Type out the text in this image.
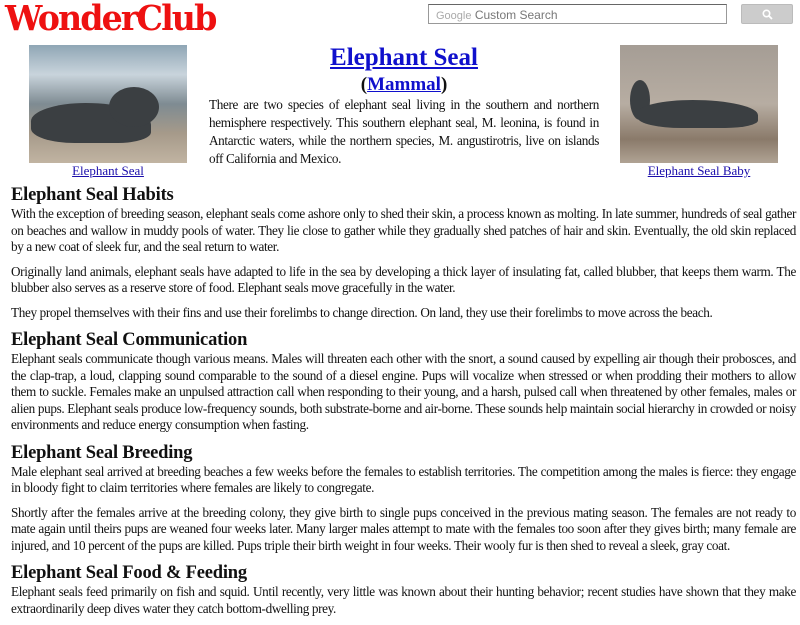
WonderClub	Google Custom Search
Elephant Seal	Elephant Seal Baby
Elephant Seal
(Mammal)
There are two species of elephant seal living in the southern and northern hemisphere respectively. This southern elephant seal, M. leonina, is found in Antarctic waters, while the northern species, M. angustirotris, live on islands off California and Mexico.
Elephant Seal Habits

With the exception of breeding season, elephant seals come ashore only to shed their skin, a process known as molting. In late summer, hundreds of seal gather on beaches and wallow in muddy pools of water. They lie close to gather while they gradually shed patches of hair and skin. Eventually, the old skin replaced by a new coat of sleek fur, and the seal return to water.

Originally land animals, elephant seals have adapted to life in the sea by developing a thick layer of insulating fat, called blubber, that keeps them warm. The blubber also serves as a reserve store of food. Elephant seals move gracefully in the water.

They propel themselves with their fins and use their forelimbs to change direction. On land, they use their forelimbs to move across the beach.

Elephant Seal Communication

Elephant seals communicate though various means. Males will threaten each other with the snort, a sound caused by expelling air though their probosces, and the clap-trap, a loud, clapping sound comparable to the sound of a diesel engine. Pups will vocalize when stressed or when prodding their mothers to allow them to suckle. Females make an unpulsed attraction call when responding to their young, and a harsh, pulsed call when threatened by other females, males or alien pups. Elephant seals produce low-frequency sounds, both substrate-borne and air-borne. These sounds help maintain social hierarchy in crowded or noisy environments and reduce energy consumption when fasting.

Elephant Seal Breeding

Male elephant seal arrived at breeding beaches a few weeks before the females to establish territories. The competition among the males is fierce: they engage in bloody fight to claim territories where females are likely to congregate.

Shortly after the females arrive at the breeding colony, they give birth to single pups conceived in the previous mating season. The females are not ready to mate again until theirs pups are weaned four weeks later. Many larger males attempt to mate with the females too soon after they gives birth; many female are injured, and 10 percent of the pups are killed. Pups triple their birth weight in four weeks. Their wooly fur is then shed to reveal a sleek, gray coat.

Elephant Seal Food & Feeding

Elephant seals feed primarily on fish and squid. Until recently, very little was known about their hunting behavior; recent studies have shown that they make extraordinarily deep dives water they catch bottom-dwelling prey.
